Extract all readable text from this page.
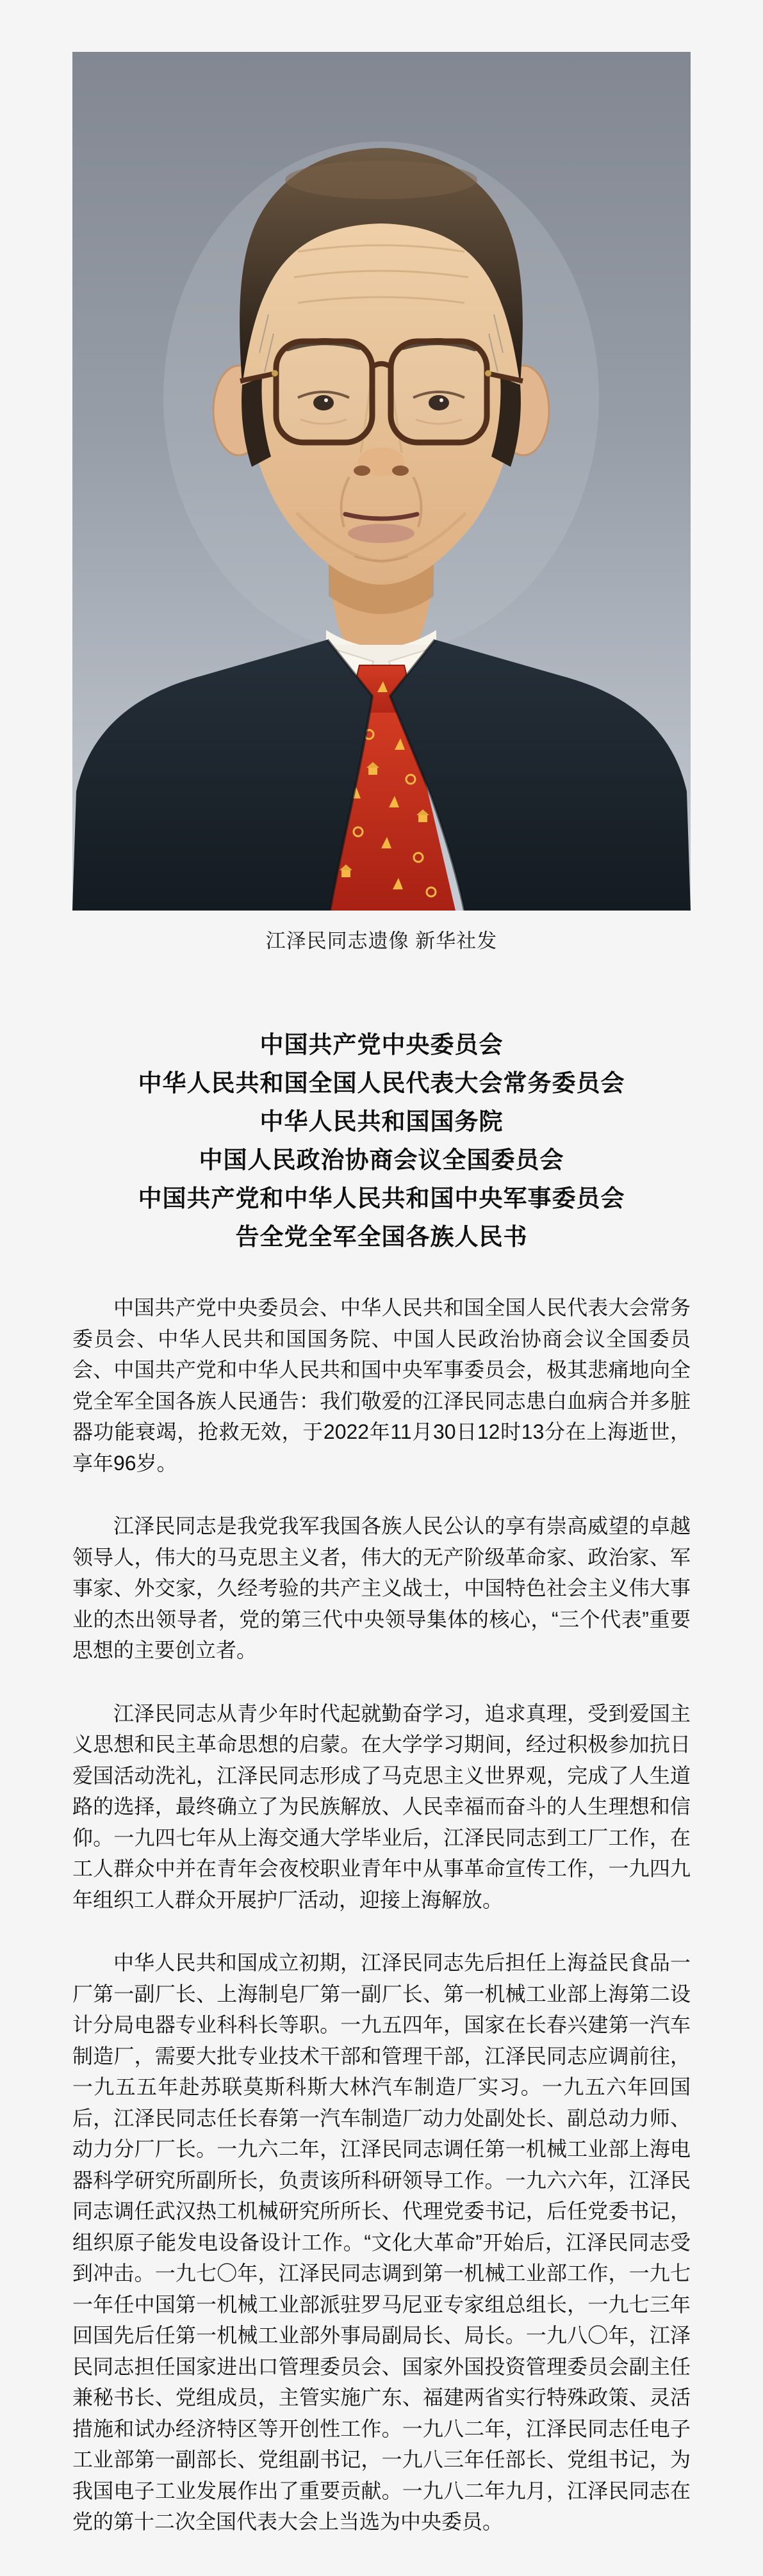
江泽民同志遗像 新华社发
中国共产党中央委员会
中华人民共和国全国人民代表大会常务委员会
中华人民共和国国务院
中国人民政治协商会议全国委员会
中国共产党和中华人民共和国中央军事委员会
告全党全军全国各族人民书

中国共产党中央委员会、中华人民共和国全国人民代表大会常务委员会、中华人民共和国国务院、中国人民政治协商会议全国委员会、中国共产党和中华人民共和国中央军事委员会，极其悲痛地向全党全军全国各族人民通告：我们敬爱的江泽民同志患白血病合并多脏器功能衰竭，抢救无效，于2022年11月30日12时13分在上海逝世，享年96岁。

江泽民同志是我党我军我国各族人民公认的享有崇高威望的卓越领导人，伟大的马克思主义者，伟大的无产阶级革命家、政治家、军事家、外交家，久经考验的共产主义战士，中国特色社会主义伟大事业的杰出领导者，党的第三代中央领导集体的核心，“三个代表”重要思想的主要创立者。

江泽民同志从青少年时代起就勤奋学习，追求真理，受到爱国主义思想和民主革命思想的启蒙。在大学学习期间，经过积极参加抗日爱国活动洗礼，江泽民同志形成了马克思主义世界观，完成了人生道路的选择，最终确立了为民族解放、人民幸福而奋斗的人生理想和信仰。一九四七年从上海交通大学毕业后，江泽民同志到工厂工作，在工人群众中并在青年会夜校职业青年中从事革命宣传工作，一九四九年组织工人群众开展护厂活动，迎接上海解放。

中华人民共和国成立初期，江泽民同志先后担任上海益民食品一厂第一副厂长、上海制皂厂第一副厂长、第一机械工业部上海第二设计分局电器专业科科长等职。一九五四年，国家在长春兴建第一汽车制造厂，需要大批专业技术干部和管理干部，江泽民同志应调前往，一九五五年赴苏联莫斯科斯大林汽车制造厂实习。一九五六年回国后，江泽民同志任长春第一汽车制造厂动力处副处长、副总动力师、动力分厂厂长。一九六二年，江泽民同志调任第一机械工业部上海电器科学研究所副所长，负责该所科研领导工作。一九六六年，江泽民同志调任武汉热工机械研究所所长、代理党委书记，后任党委书记，组织原子能发电设备设计工作。“文化大革命”开始后，江泽民同志受到冲击。一九七〇年，江泽民同志调到第一机械工业部工作，一九七一年任中国第一机械工业部派驻罗马尼亚专家组总组长，一九七三年回国先后任第一机械工业部外事局副局长、局长。一九八〇年，江泽民同志担任国家进出口管理委员会、国家外国投资管理委员会副主任兼秘书长、党组成员，主管实施广东、福建两省实行特殊政策、灵活措施和试办经济特区等开创性工作。一九八二年，江泽民同志任电子工业部第一副部长、党组副书记，一九八三年任部长、党组书记，为我国电子工业发展作出了重要贡献。一九八二年九月，江泽民同志在党的第十二次全国代表大会上当选为中央委员。
